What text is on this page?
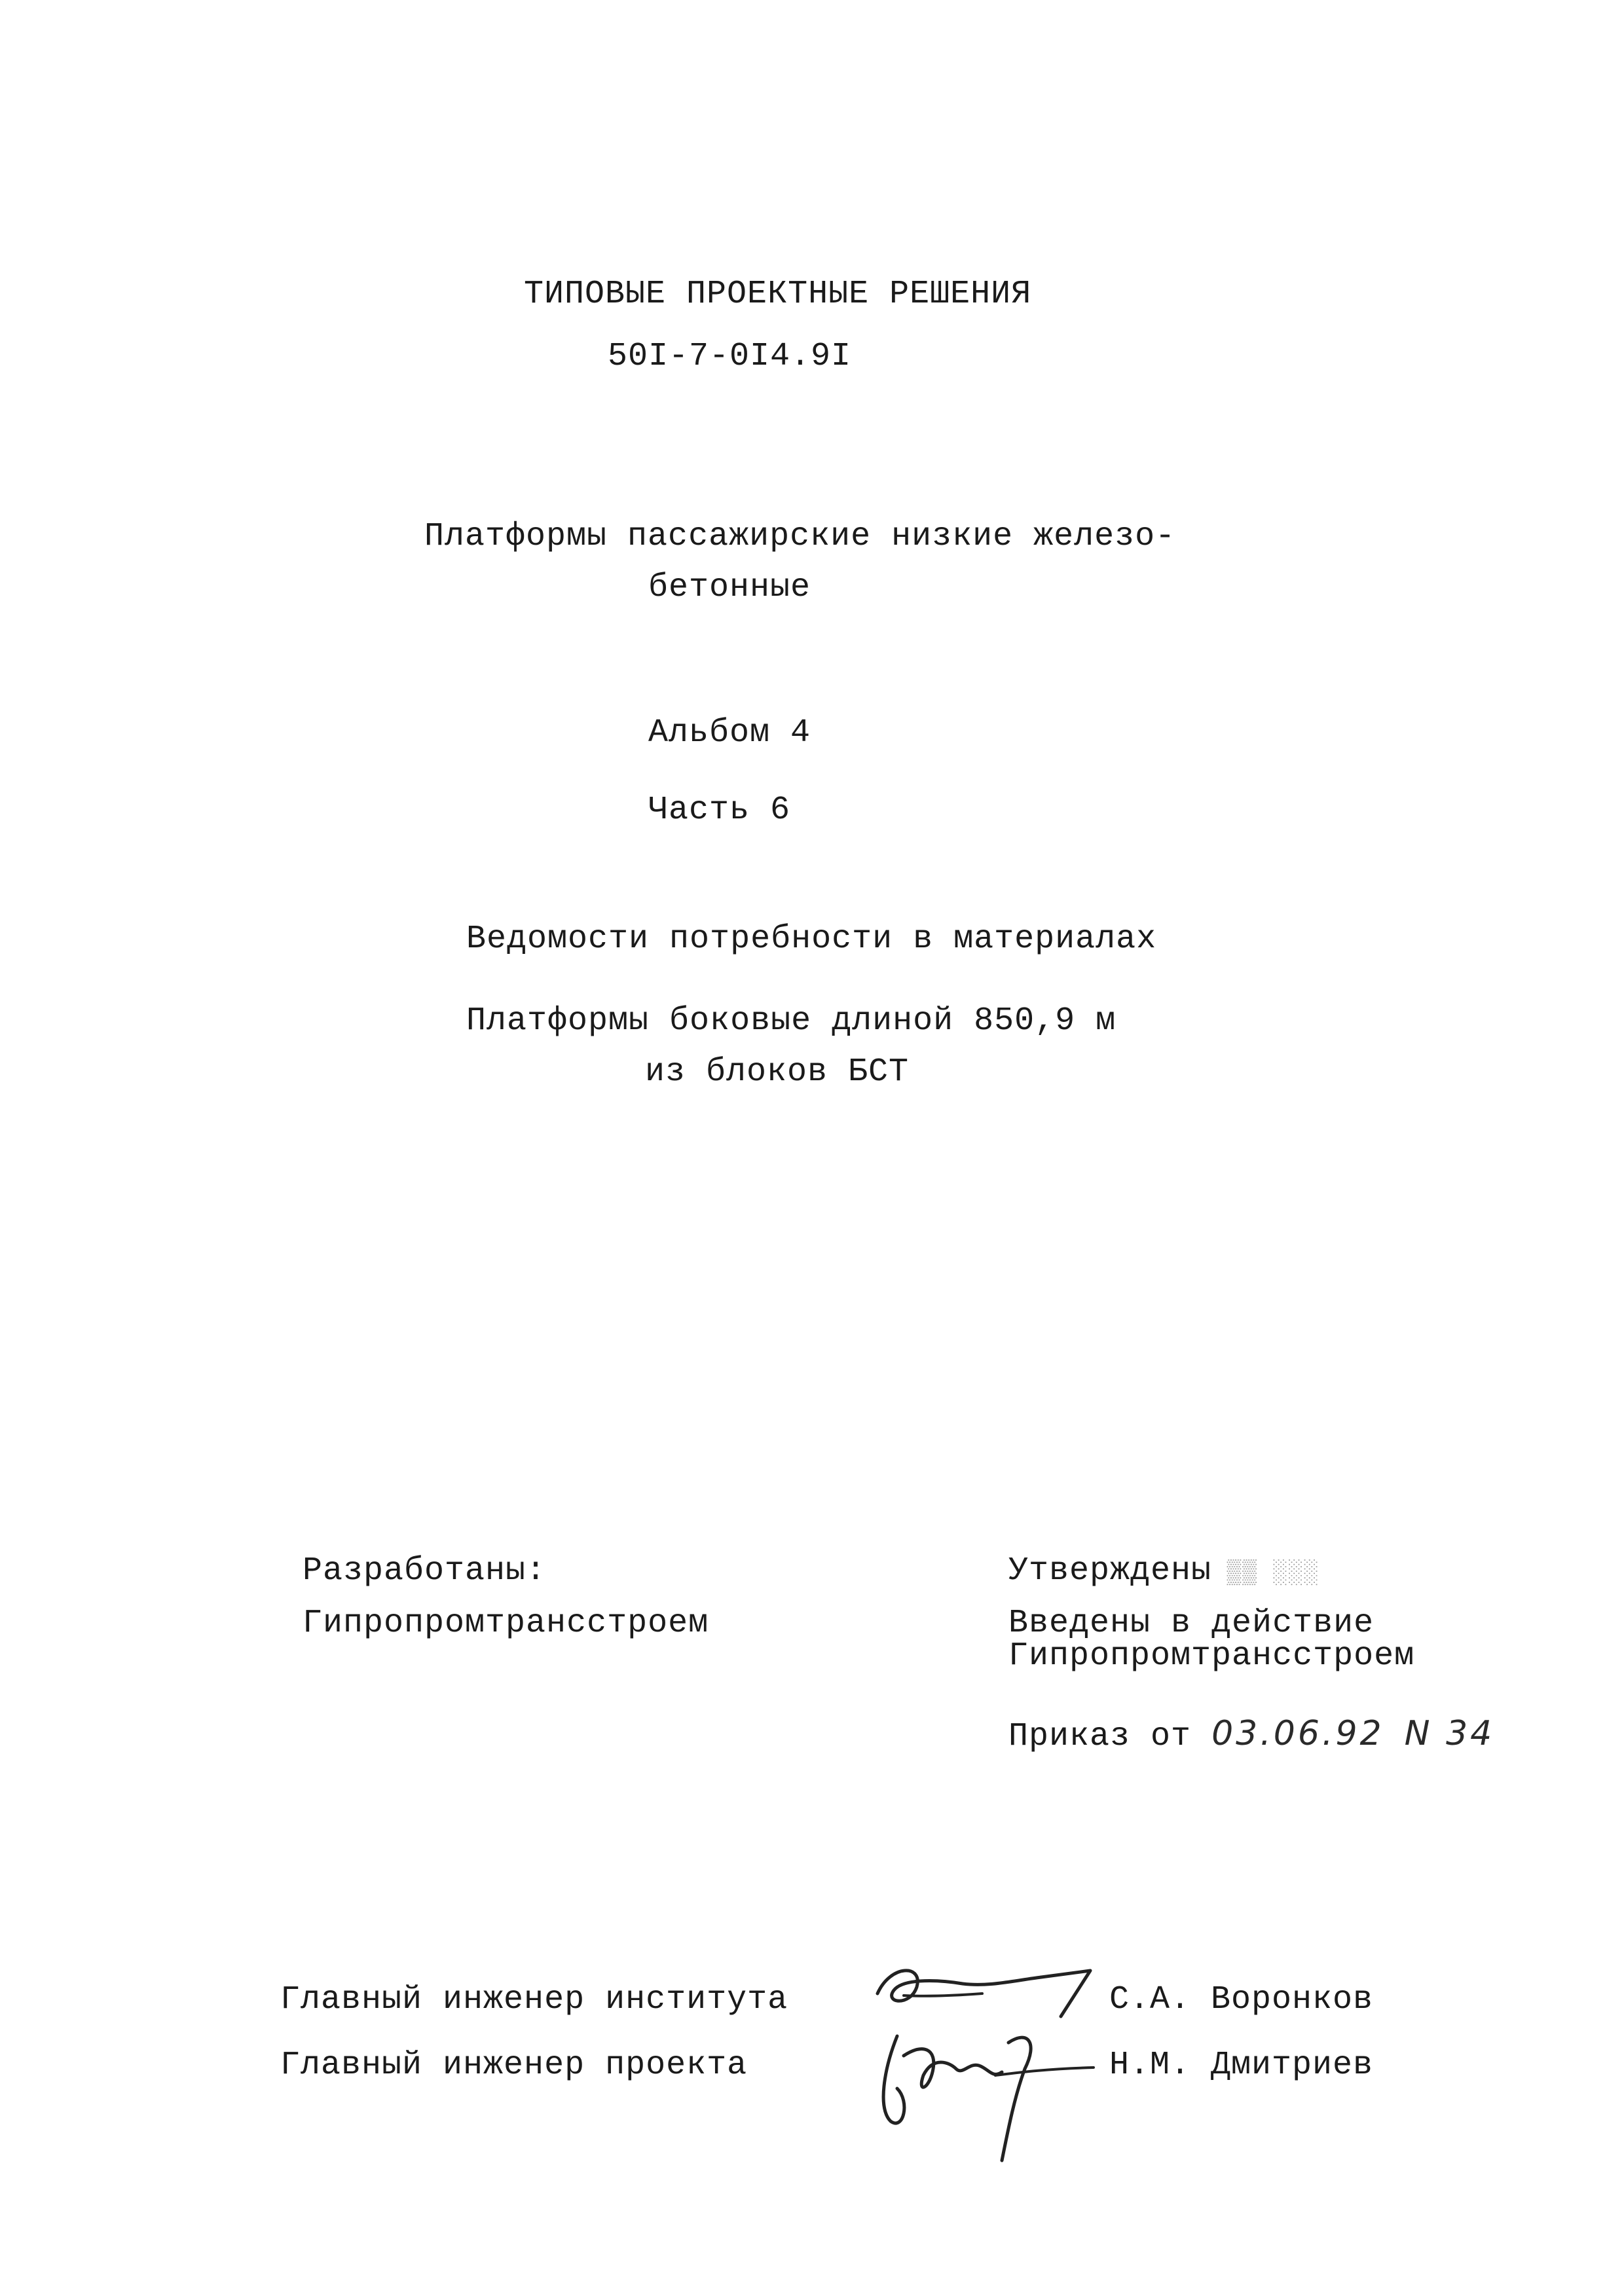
ТИПОВЫЕ ПРОЕКТНЫЕ РЕШЕНИЯ
50I-7-0I4.9I
Платформы пассажирские низкие железо-
бетонные
Альбом 4
Часть 6
Ведомости потребности в материалах
Платформы боковые длиной 850,9 м
из блоков БСТ
Разработаны:
Гипропромтрансстроем
Утверждены ▒▒ ░░░
Введены в действие
Гипропромтрансстроем
Приказ от 03.06.92 N 34
Главный инженер института	С.А. Воронков
Главный инженер проекта	Н.М. Дмитриев
